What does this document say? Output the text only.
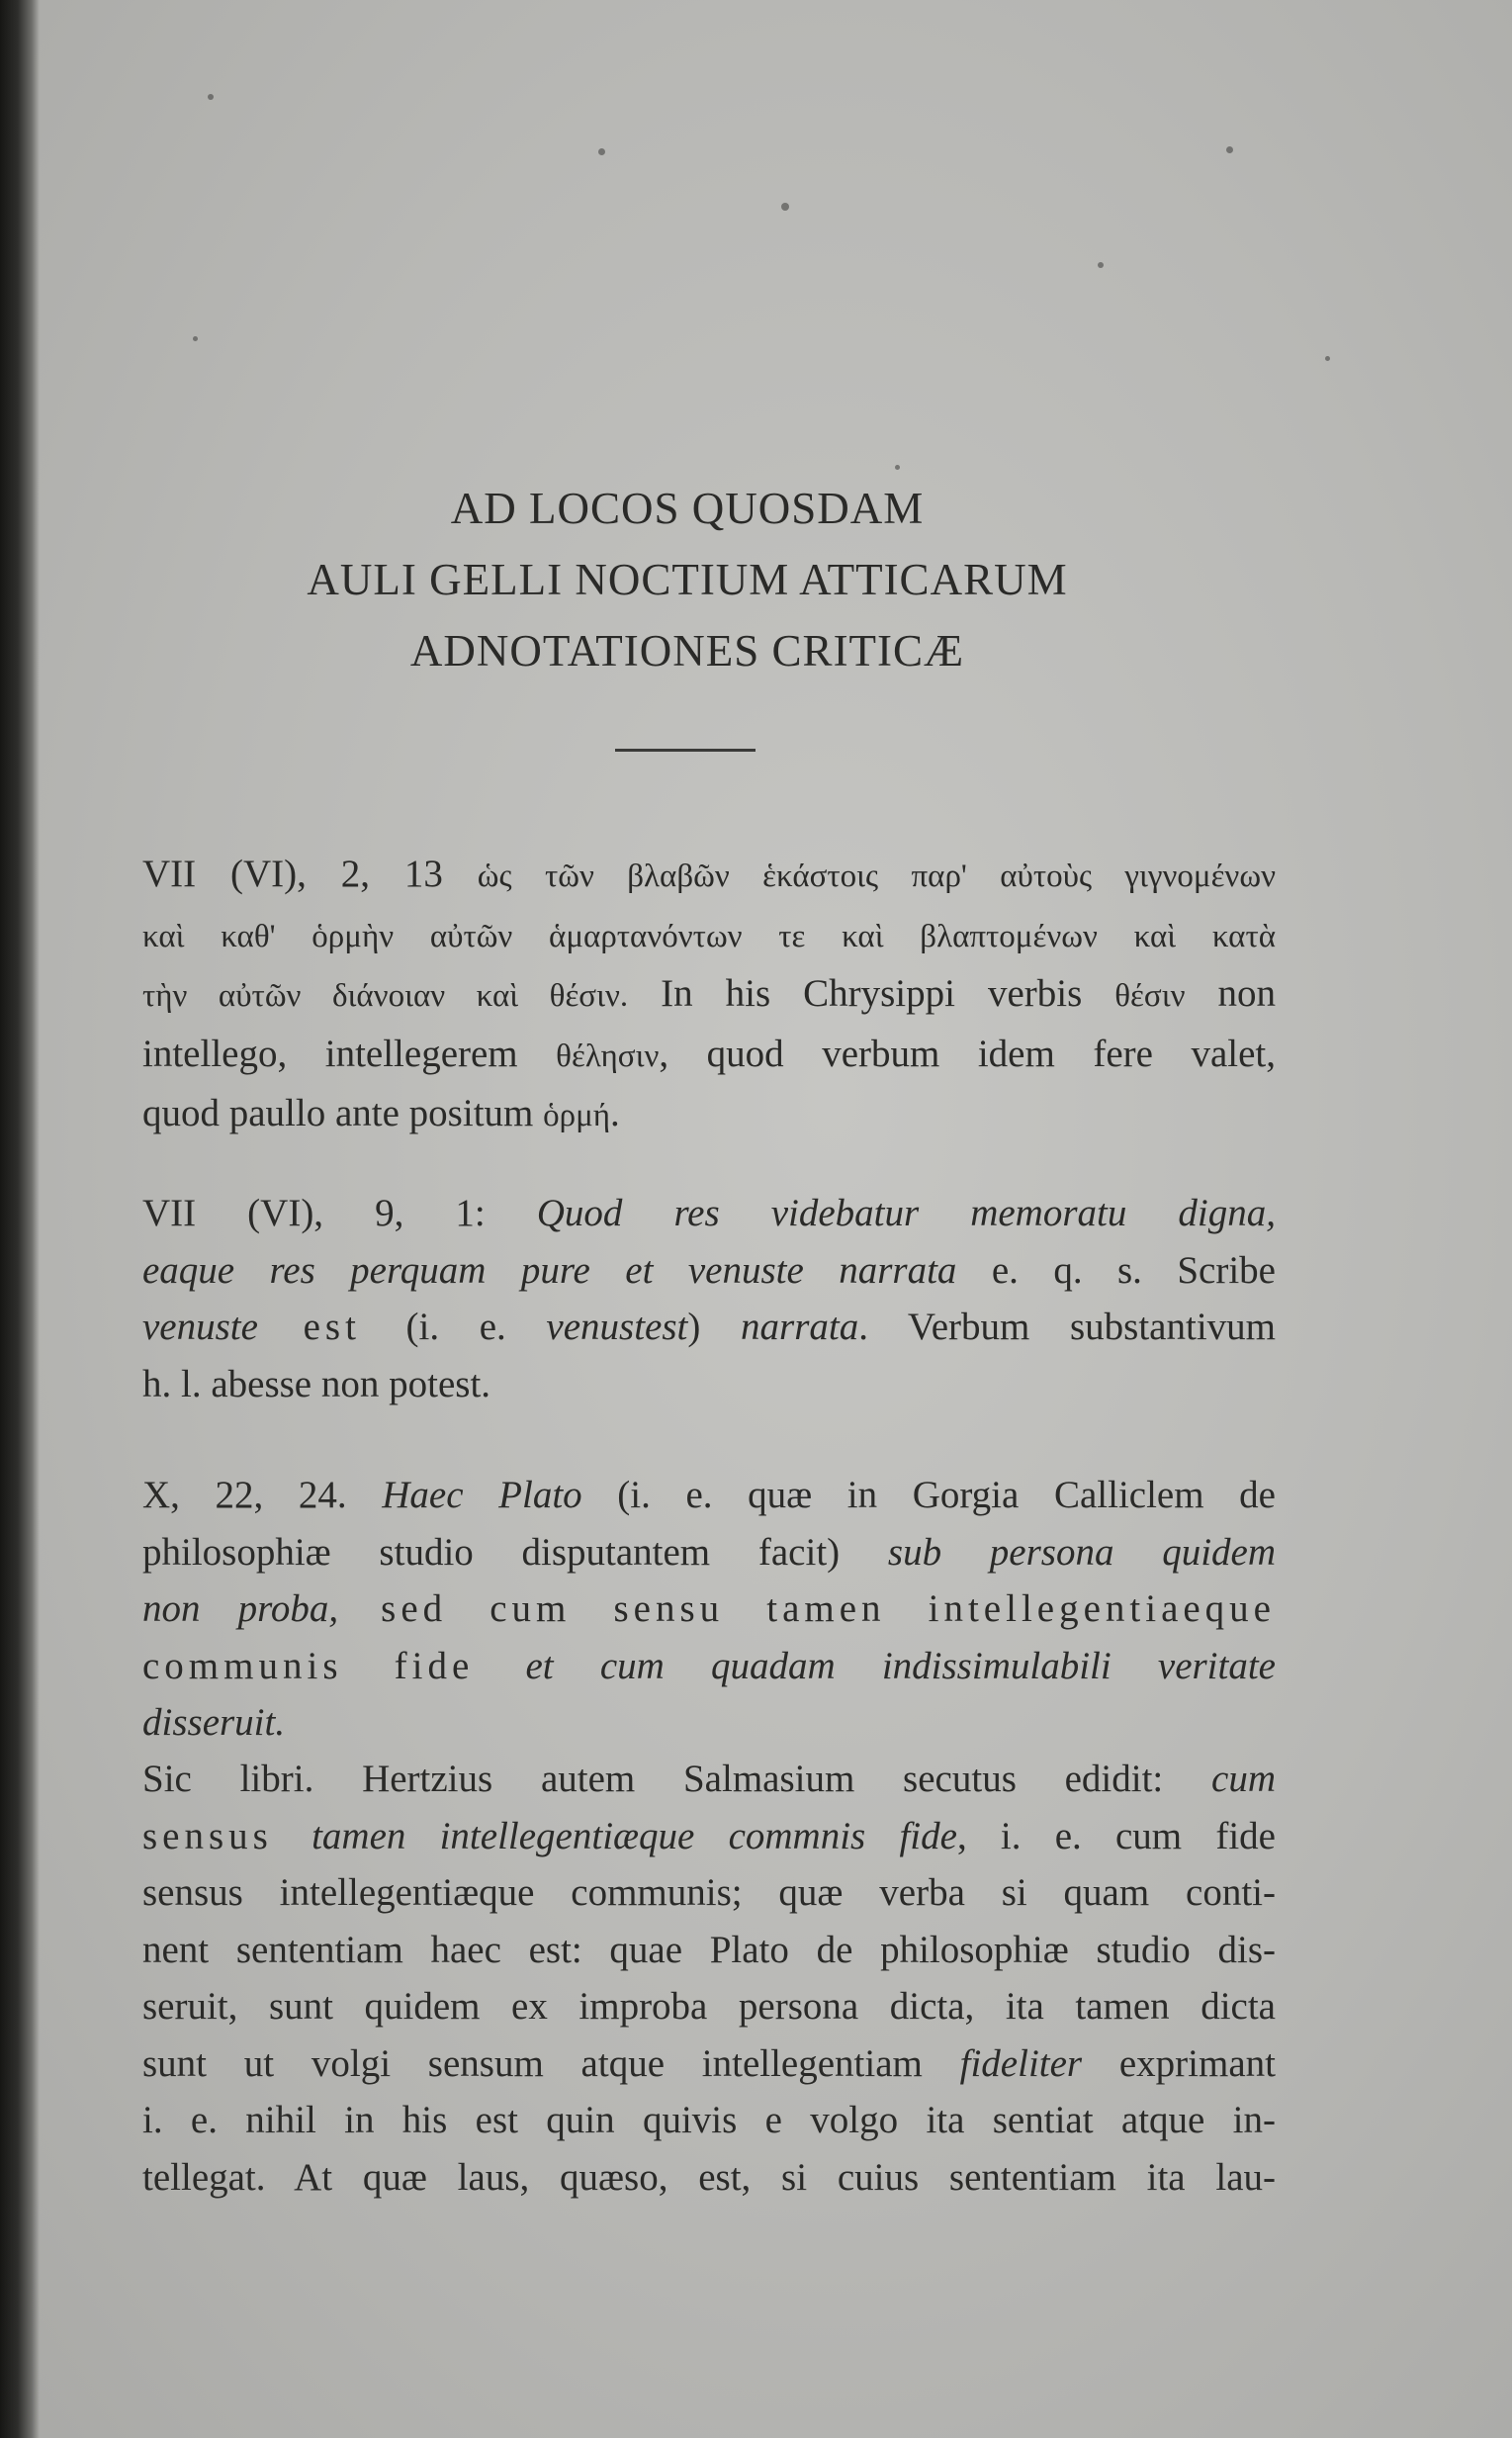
AD LOCOS QUOSDAM
AULI GELLI NOCTIUM ATTICARUM
ADNOTATIONES CRITICÆ

VII (VI), 2, 13 ὡς τῶν βλαβῶν ἑκάστοις παρ' αὐτοὺς γιγνομένων
καὶ καθ' ὁρμὴν αὐτῶν ἁμαρτανόντων τε καὶ βλαπτομένων καὶ κατὰ
τὴν αὐτῶν διάνοιαν καὶ θέσιν. In his Chrysippi verbis θέσιν non
intellego, intellegerem θέλησιν, quod verbum idem fere valet,
quod paullo ante positum ὁρμή.

VII (VI), 9, 1: Quod res videbatur memoratu digna,
eaque res perquam pure et venuste narrata e. q. s. Scribe
venuste est (i. e. venustest) narrata. Verbum substantivum
h. l. abesse non potest.

X, 22, 24. Haec Plato (i. e. quæ in Gorgia Calliclem de
philosophiæ studio disputantem facit) sub persona quidem
non proba, sed cum sensu tamen intellegentiaeque
communis fide et cum quadam indissimulabili veritate
disseruit.

Sic libri. Hertzius autem Salmasium secutus edidit: cum
sensus tamen intellegentiæque commnis fide, i. e. cum fide
sensus intellegentiæque communis; quæ verba si quam conti-
nent sententiam haec est: quae Plato de philosophiæ studio dis-
seruit, sunt quidem ex improba persona dicta, ita tamen dicta
sunt ut volgi sensum atque intellegentiam fideliter exprimant
i. e. nihil in his est quin quivis e volgo ita sentiat atque in-
tellegat. At quæ laus, quæso, est, si cuius sententiam ita lau-
